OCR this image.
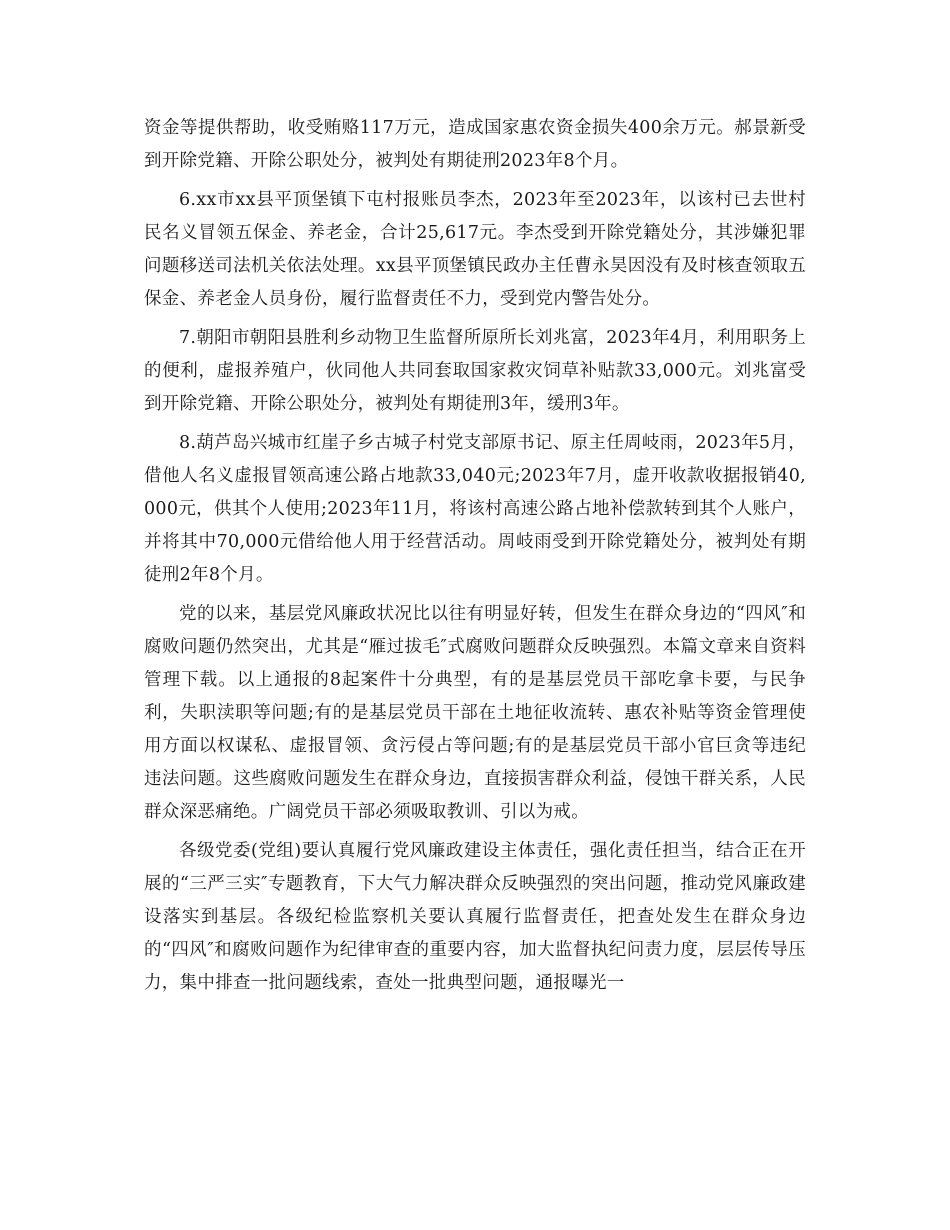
资金等提供帮助，收受贿赂117万元，造成国家惠农资金损失400余万元。郝景新受到开除党籍、开除公职处分，被判处有期徒刑2023年8个月。

6.xx市xx县平顶堡镇下屯村报账员李杰，2023年至2023年，以该村已去世村民名义冒领五保金、养老金，合计25,617元。李杰受到开除党籍处分，其涉嫌犯罪问题移送司法机关依法处理。xx县平顶堡镇民政办主任曹永昊因没有及时核查领取五保金、养老金人员身份，履行监督责任不力，受到党内警告处分。

7.朝阳市朝阳县胜利乡动物卫生监督所原所长刘兆富，2023年4月，利用职务上的便利，虚报养殖户，伙同他人共同套取国家救灾饲草补贴款33,000元。刘兆富受到开除党籍、开除公职处分，被判处有期徒刑3年，缓刑3年。

8.葫芦岛兴城市红崖子乡古城子村党支部原书记、原主任周岐雨，2023年5月，借他人名义虚报冒领高速公路占地款33,040元;2023年7月，虚开收款收据报销40,000元，供其个人使用;2023年11月，将该村高速公路占地补偿款转到其个人账户，并将其中70,000元借给他人用于经营活动。周岐雨受到开除党籍处分，被判处有期徒刑2年8个月。

党的以来，基层党风廉政状况比以往有明显好转，但发生在群众身边的“四风″和腐败问题仍然突出，尤其是“雁过拔毛″式腐败问题群众反映强烈。本篇文章来自资料管理下载。以上通报的8起案件十分典型，有的是基层党员干部吃拿卡要，与民争利，失职渎职等问题;有的是基层党员干部在土地征收流转、惠农补贴等资金管理使用方面以权谋私、虚报冒领、贪污侵占等问题;有的是基层党员干部小官巨贪等违纪违法问题。这些腐败问题发生在群众身边，直接损害群众利益，侵蚀干群关系，人民群众深恶痛绝。广阔党员干部必须吸取教训、引以为戒。

各级党委(党组)要认真履行党风廉政建设主体责任，强化责任担当，结合正在开展的“三严三实″专题教育，下大气力解决群众反映强烈的突出问题，推动党风廉政建设落实到基层。各级纪检监察机关要认真履行监督责任，把查处发生在群众身边的“四风″和腐败问题作为纪律审查的重要内容，加大监督执纪问责力度，层层传导压力，集中排查一批问题线索，查处一批典型问题，通报曝光一
